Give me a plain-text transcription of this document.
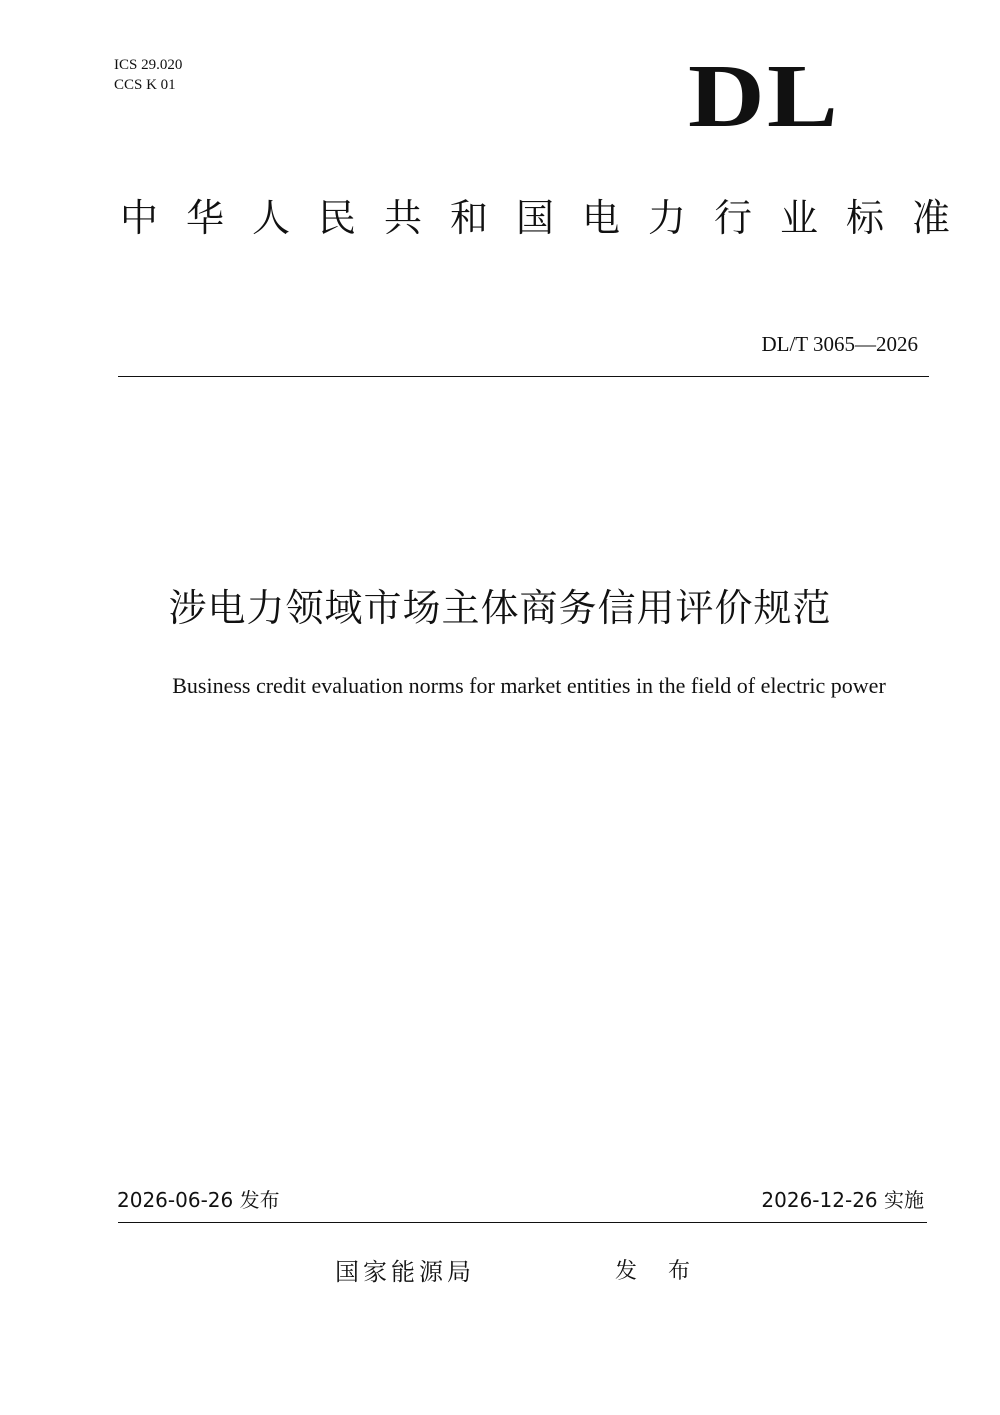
ICS 29.020
CCS K 01	DL
中华人民共和国电力行业标准
DL/T 3065—2026
涉电力领域市场主体商务信用评价规范
Business credit evaluation norms for market entities in the field of electric power
2026-06-26 发布	2026-12-26 实施
国家能源局	发 布
